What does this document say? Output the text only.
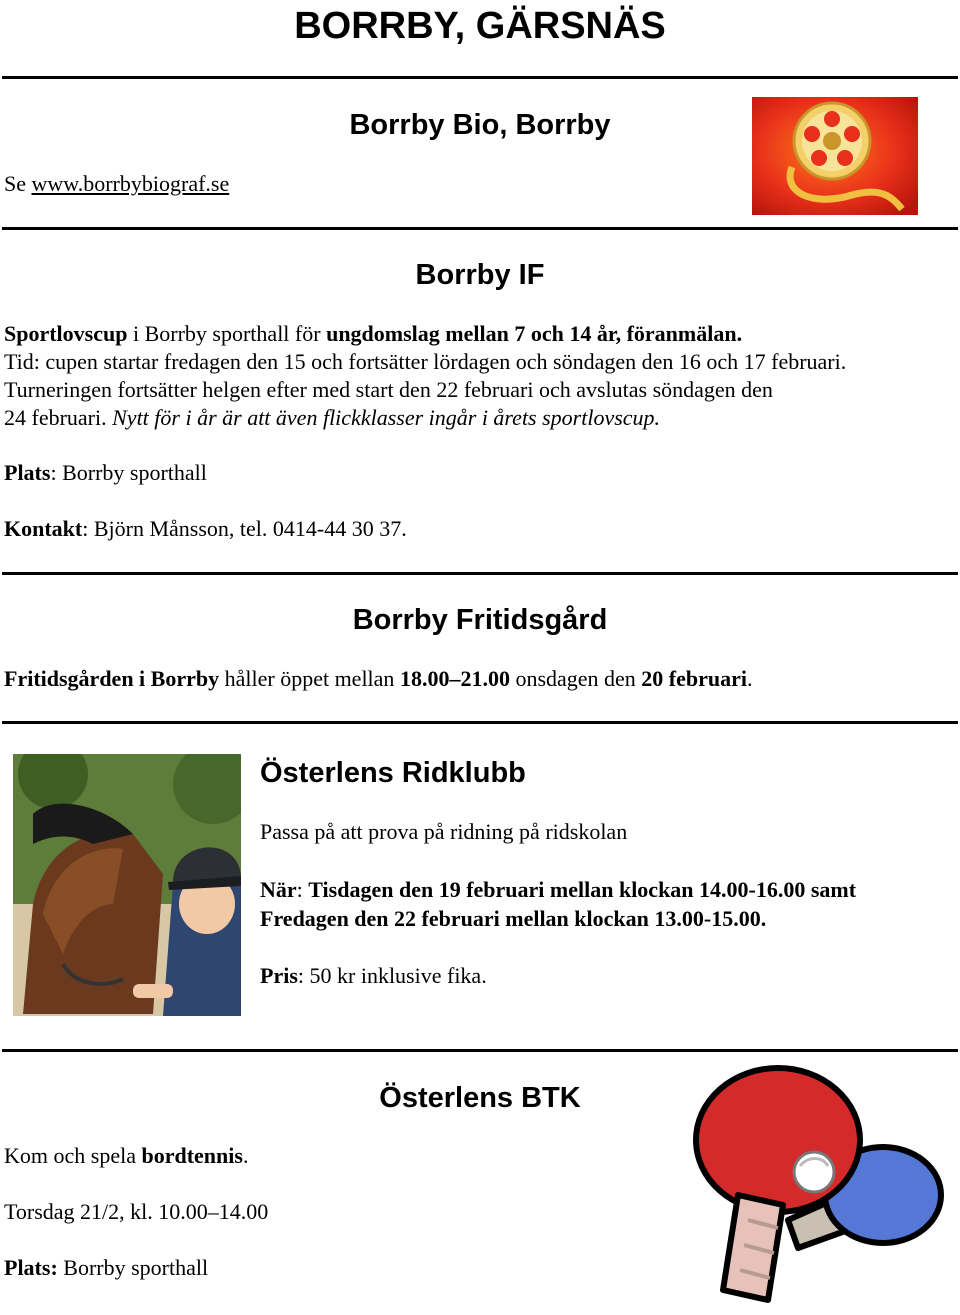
BORRBY, GÄRSNÄS
Borrby Bio, Borrby
Se www.borrbybiograf.se
Borrby IF
Sportlovscup i Borrby sporthall för ungdomslag mellan 7 och 14 år, föranmälan.
Tid: cupen startar fredagen den 15 och fortsätter lördagen och söndagen den 16 och 17 februari.
Turneringen fortsätter helgen efter med start den 22 februari och avslutas söndagen den
24 februari. Nytt för i år är att även flickklasser ingår i årets sportlovscup.
Plats: Borrby sporthall
Kontakt: Björn Månsson, tel. 0414-44 30 37.
Borrby Fritidsgård
Fritidsgården i Borrby håller öppet mellan 18.00–21.00 onsdagen den 20 februari.
Österlens Ridklubb
Passa på att prova på ridning på ridskolan
När: Tisdagen den 19 februari mellan klockan 14.00-16.00 samt
Fredagen den 22 februari mellan klockan 13.00-15.00.
Pris: 50 kr inklusive fika.
Österlens BTK
Kom och spela bordtennis.
Torsdag 21/2, kl. 10.00–14.00
Plats: Borrby sporthall
